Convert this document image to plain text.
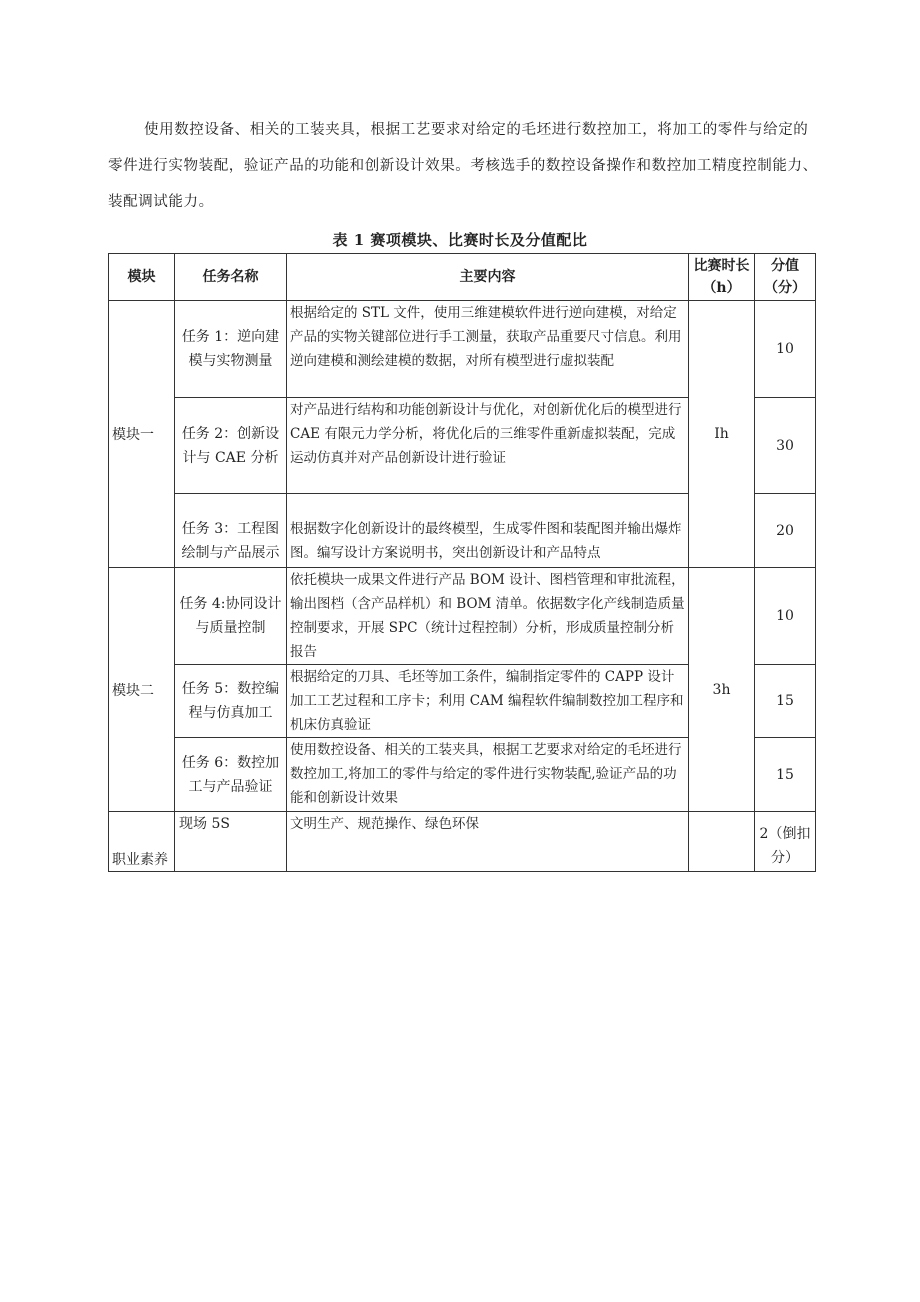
使用数控设备、相关的工装夹具，根据工艺要求对给定的毛坯进行数控加工，将加工的零件与给定的零件进行实物装配，验证产品的功能和创新设计效果。考核选手的数控设备操作和数控加工精度控制能力、装配调试能力。

表 1 赛项模块、比赛时长及分值配比

模块	任务名称	主要内容	比赛时长（h）	分值（分）
模块一	任务 1：逆向建模与实物测量	根据给定的 STL 文件，使用三维建模软件进行逆向建模，对给定产品的实物关键部位进行手工测量，获取产品重要尺寸信息。利用逆向建模和测绘建模的数据，对所有模型进行虚拟装配	Ih	10
	任务 2：创新设计与 CAE 分析	对产品进行结构和功能创新设计与优化，对创新优化后的模型进行 CAE 有限元力学分析，将优化后的三维零件重新虚拟装配，完成运动仿真并对产品创新设计进行验证		30
	任务 3：工程图绘制与产品展示	根据数字化创新设计的最终模型，生成零件图和装配图并输出爆炸图。编写设计方案说明书，突出创新设计和产品特点		20
模块二	任务 4:协同设计与质量控制	依托模块一成果文件进行产品 BOM 设计、图档管理和审批流程，输出图档（含产品样机）和 BOM 清单。依据数字化产线制造质量控制要求，开展 SPC（统计过程控制）分析，形成质量控制分析报告	3h	10
	任务 5：数控编程与仿真加工	根据给定的刀具、毛坯等加工条件，编制指定零件的 CAPP 设计加工工艺过程和工序卡；利用 CAM 编程软件编制数控加工程序和机床仿真验证		15
	任务 6：数控加工与产品验证	使用数控设备、相关的工装夹具，根据工艺要求对给定的毛坯进行数控加工,将加工的零件与给定的零件进行实物装配,验证产品的功能和创新设计效果		15
职业素养	现场 5S	文明生产、规范操作、绿色环保		2（倒扣分）
